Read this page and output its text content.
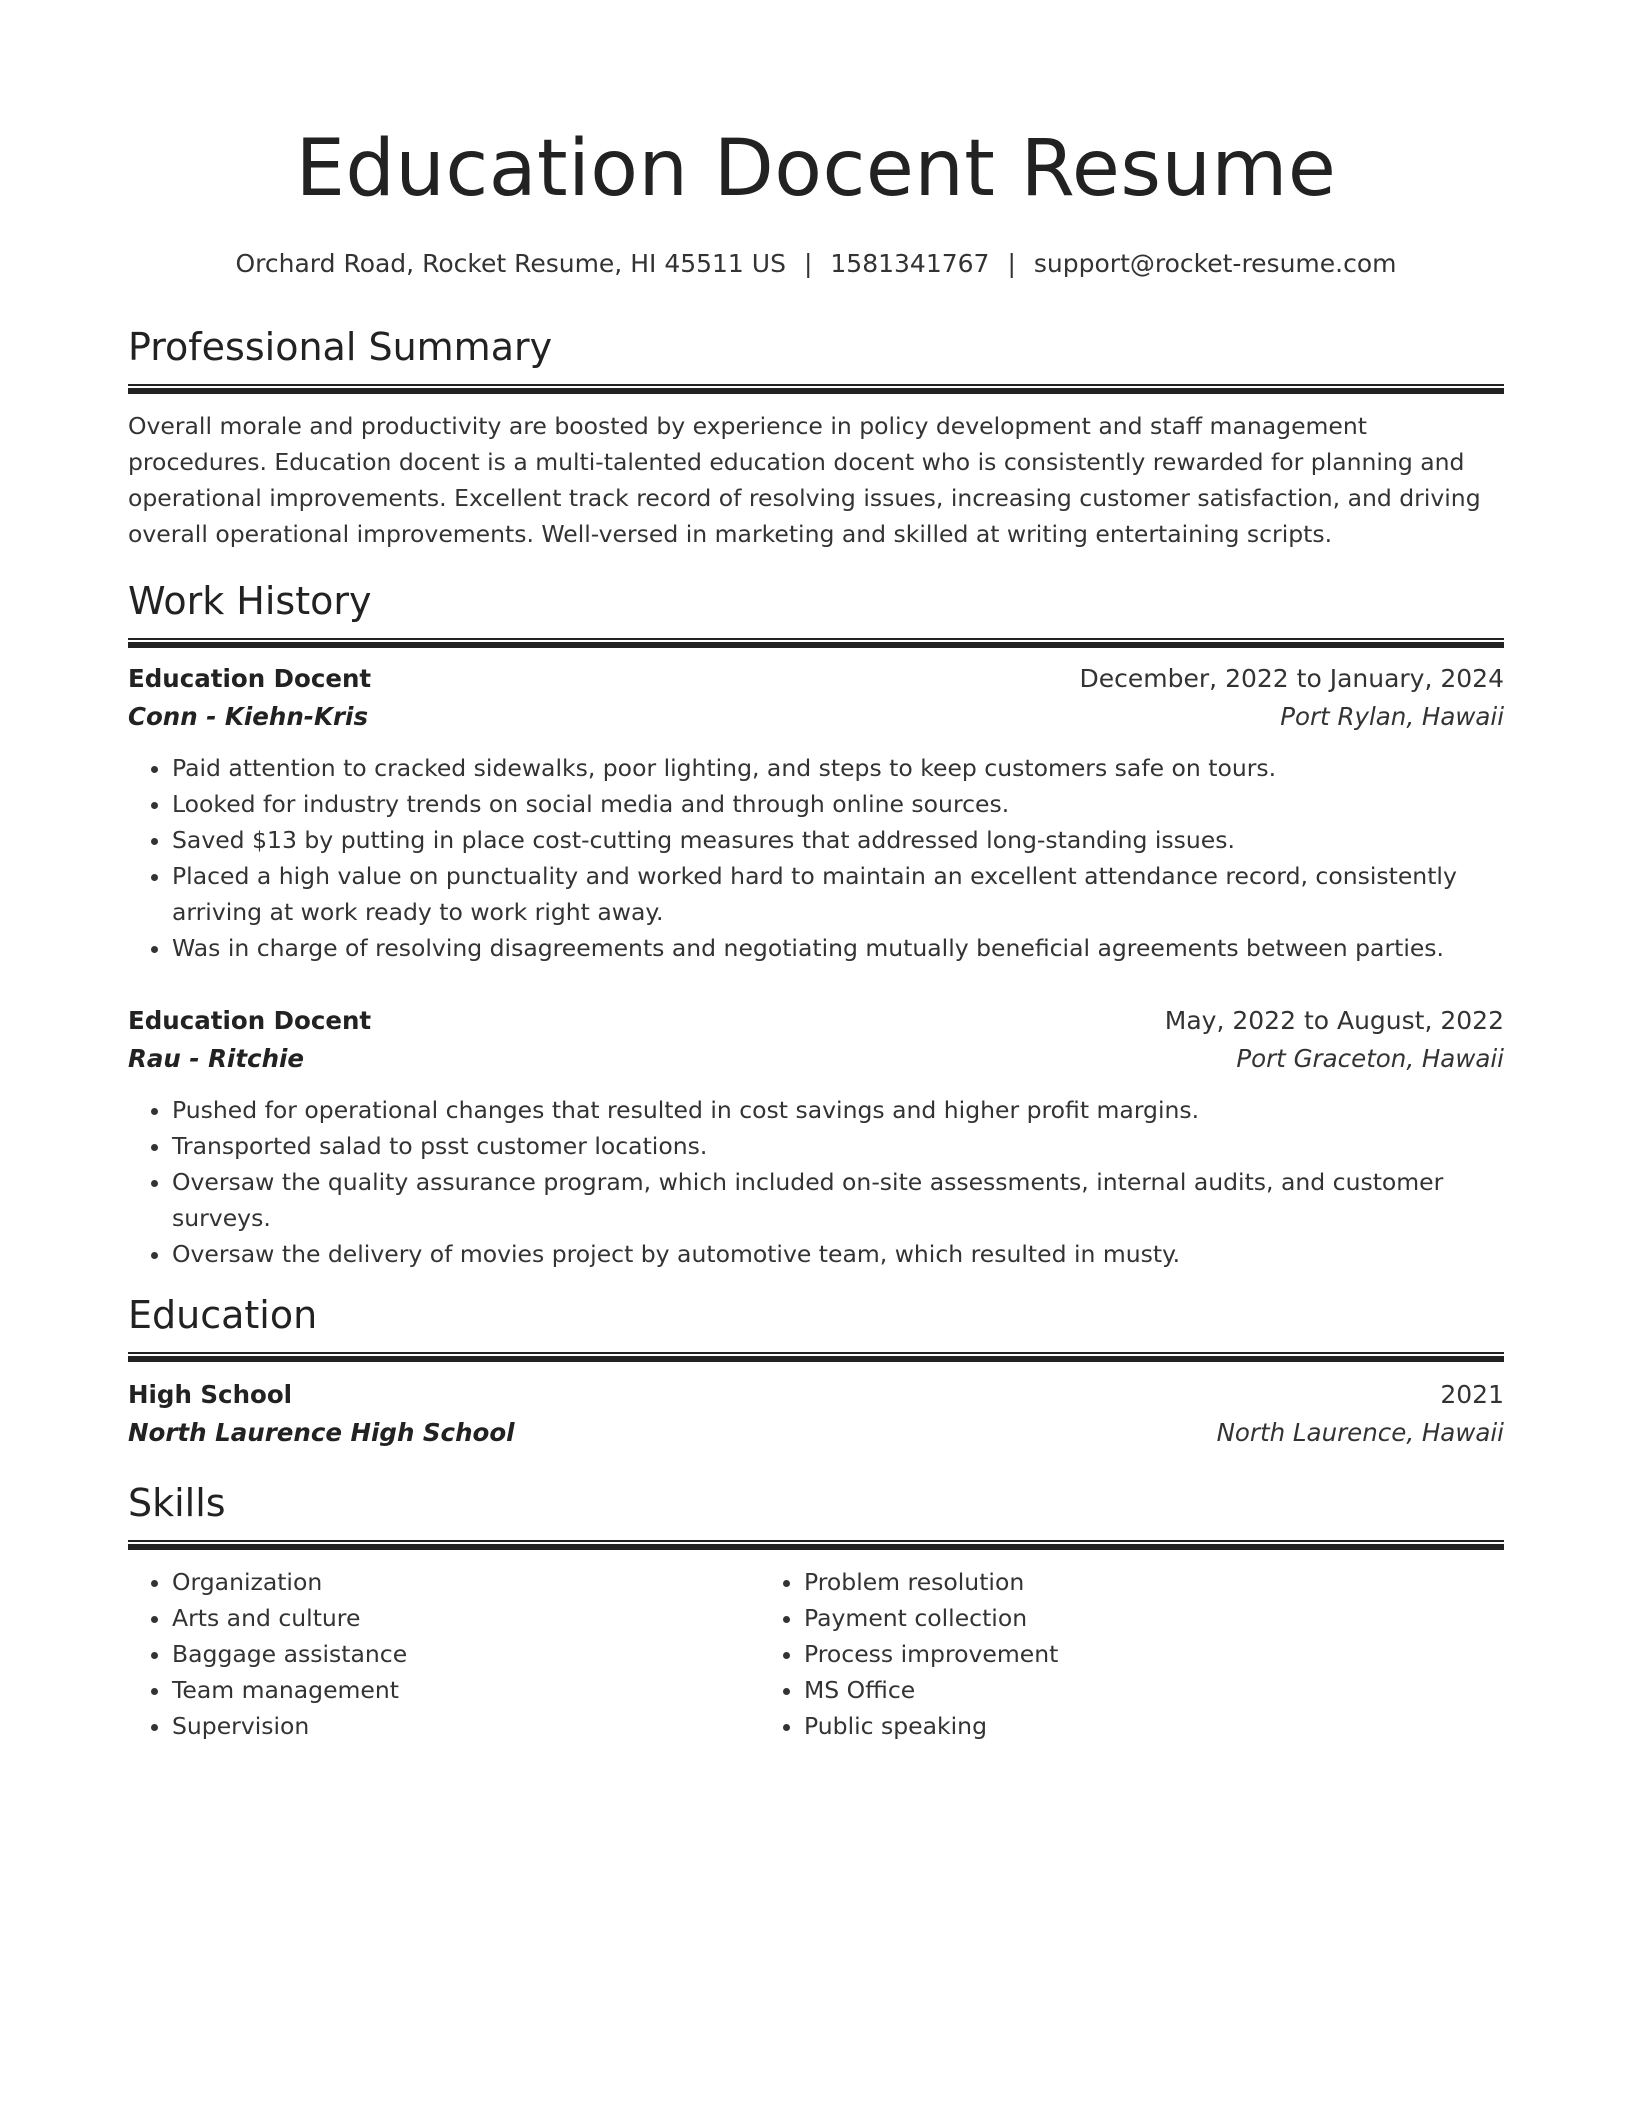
Education Docent Resume
Orchard Road, Rocket Resume, HI 45511 US | 1581341767 | support@rocket-resume.com
Professional Summary
Overall morale and productivity are boosted by experience in policy development and staff management procedures. Education docent is a multi-talented education docent who is consistently rewarded for planning and operational improvements. Excellent track record of resolving issues, increasing customer satisfaction, and driving overall operational improvements. Well-versed in marketing and skilled at writing entertaining scripts.
Work History
Education Docent	December, 2022 to January, 2024
Conn - Kiehn-Kris	Port Rylan, Hawaii
• Paid attention to cracked sidewalks, poor lighting, and steps to keep customers safe on tours.
• Looked for industry trends on social media and through online sources.
• Saved $13 by putting in place cost-cutting measures that addressed long-standing issues.
• Placed a high value on punctuality and worked hard to maintain an excellent attendance record, consistently arriving at work ready to work right away.
• Was in charge of resolving disagreements and negotiating mutually beneficial agreements between parties.
Education Docent	May, 2022 to August, 2022
Rau - Ritchie	Port Graceton, Hawaii
• Pushed for operational changes that resulted in cost savings and higher profit margins.
• Transported salad to psst customer locations.
• Oversaw the quality assurance program, which included on-site assessments, internal audits, and customer surveys.
• Oversaw the delivery of movies project by automotive team, which resulted in musty.
Education
High School	2021
North Laurence High School	North Laurence, Hawaii
Skills
• Organization
• Arts and culture
• Baggage assistance
• Team management
• Supervision
• Problem resolution
• Payment collection
• Process improvement
• MS Office
• Public speaking
